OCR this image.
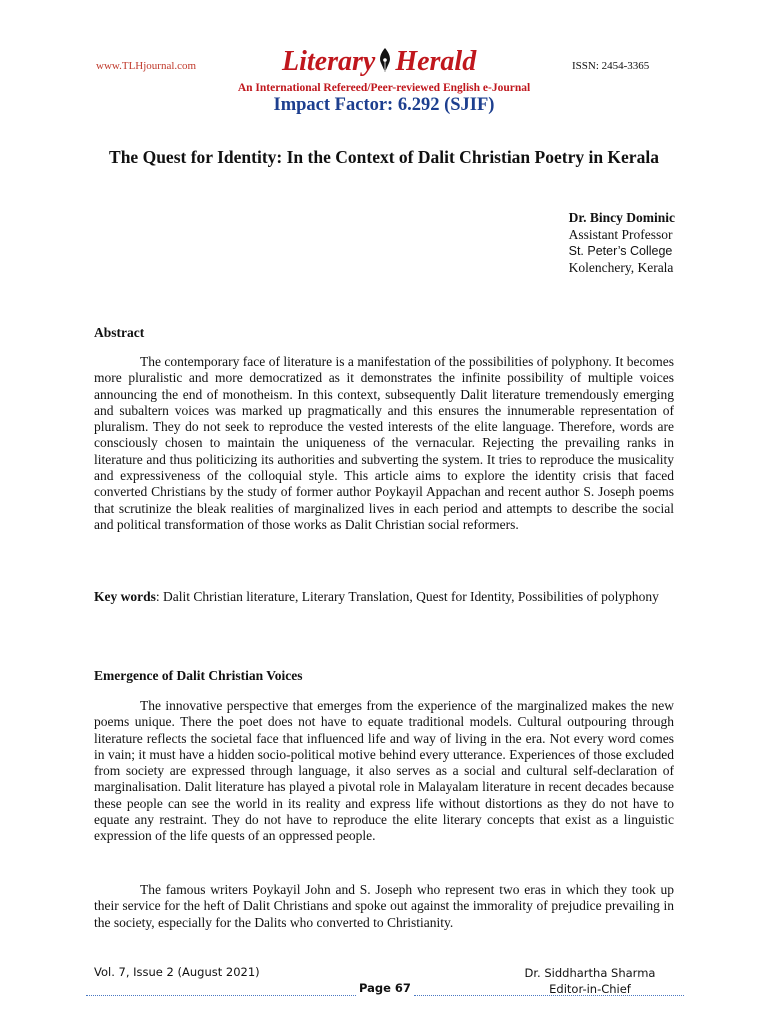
www.TLHjournal.com	Literary Herald	ISSN: 2454-3365
An International Refereed/Peer-reviewed English e-Journal
Impact Factor: 6.292 (SJIF)
The Quest for Identity: In the Context of Dalit Christian Poetry in Kerala
Dr. Bincy Dominic
Assistant Professor
St. Peter’s College
Kolenchery, Kerala
Abstract
The contemporary face of literature is a manifestation of the possibilities of polyphony. It becomes more pluralistic and more democratized as it demonstrates the infinite possibility of multiple voices announcing the end of monotheism. In this context, subsequently Dalit literature tremendously emerging and subaltern voices was marked up pragmatically and this ensures the innumerable representation of pluralism. They do not seek to reproduce the vested interests of the elite language. Therefore, words are consciously chosen to maintain the uniqueness of the vernacular. Rejecting the prevailing ranks in literature and thus politicizing its authorities and subverting the system. It tries to reproduce the musicality and expressiveness of the colloquial style. This article aims to explore the identity crisis that faced converted Christians by the study of former author Poykayil Appachan and recent author S. Joseph poems that scrutinize the bleak realities of marginalized lives in each period and attempts to describe the social and political transformation of those works as Dalit Christian social reformers.
Key words: Dalit Christian literature, Literary Translation, Quest for Identity, Possibilities of polyphony
Emergence of Dalit Christian Voices
The innovative perspective that emerges from the experience of the marginalized makes the new poems unique. There the poet does not have to equate traditional models. Cultural outpouring through literature reflects the societal face that influenced life and way of living in the era. Not every word comes in vain; it must have a hidden socio-political motive behind every utterance. Experiences of those excluded from society are expressed through language, it also serves as a social and cultural self-declaration of marginalisation. Dalit literature has played a pivotal role in Malayalam literature in recent decades because these people can see the world in its reality and express life without distortions as they do not have to equate any restraint. They do not have to reproduce the elite literary concepts that exist as a linguistic expression of the life quests of an oppressed people.
The famous writers Poykayil John and S. Joseph who represent two eras in which they took up their service for the heft of Dalit Christians and spoke out against the immorality of prejudice prevailing in the society, especially for the Dalits who converted to Christianity.
Vol. 7, Issue 2 (August 2021)	Dr. Siddhartha Sharma
Editor-in-Chief
Page 67
